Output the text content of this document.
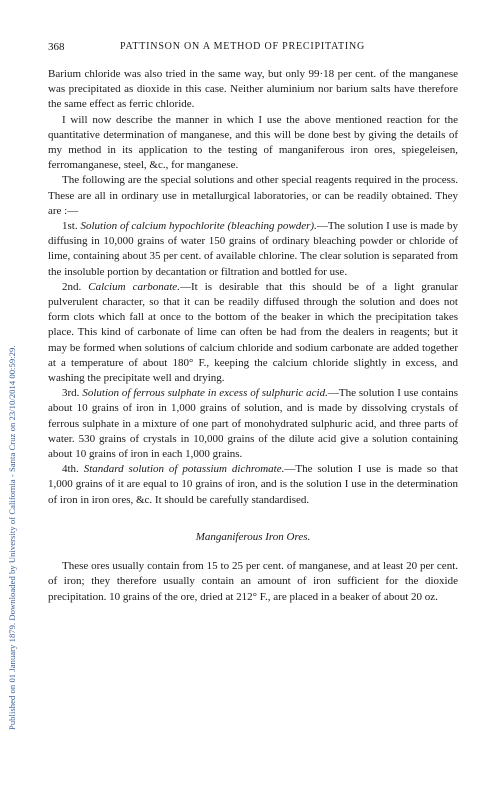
Published on 01 January 1879. Downloaded by University of California - Santa Cruz on 23/10/2014 00:59:29.
368	PATTINSON ON A METHOD OF PRECIPITATING

Barium chloride was also tried in the same way, but only 99·18 per cent. of the manganese was precipitated as dioxide in this case. Neither aluminium nor barium salts have therefore the same effect as ferric chloride.

I will now describe the manner in which I use the above mentioned reaction for the quantitative determination of manganese, and this will be done best by giving the details of my method in its application to the testing of manganiferous iron ores, spiegeleisen, ferromanganese, steel, &c., for manganese.

The following are the special solutions and other special reagents required in the process. These are all in ordinary use in metallurgical laboratories, or can be readily obtained. They are :—

1st. Solution of calcium hypochlorite (bleaching powder).—The solution I use is made by diffusing in 10,000 grains of water 150 grains of ordinary bleaching powder or chloride of lime, containing about 35 per cent. of available chlorine. The clear solution is separated from the insoluble portion by decantation or filtration and bottled for use.

2nd. Calcium carbonate.—It is desirable that this should be of a light granular pulverulent character, so that it can be readily diffused through the solution and does not form clots which fall at once to the bottom of the beaker in which the precipitation takes place. This kind of carbonate of lime can often be had from the dealers in reagents; but it may be formed when solutions of calcium chloride and sodium carbonate are added together at a temperature of about 180° F., keeping the calcium chloride slightly in excess, and washing the precipitate well and drying.

3rd. Solution of ferrous sulphate in excess of sulphuric acid.—The solution I use contains about 10 grains of iron in 1,000 grains of solution, and is made by dissolving crystals of ferrous sulphate in a mixture of one part of monohydrated sulphuric acid, and three parts of water. 530 grains of crystals in 10,000 grains of the dilute acid give a solution containing about 10 grains of iron in each 1,000 grains.

4th. Standard solution of potassium dichromate.—The solution I use is made so that 1,000 grains of it are equal to 10 grains of iron, and is the solution I use in the determination of iron in iron ores, &c. It should be carefully standardised.

Manganiferous Iron Ores.

These ores usually contain from 15 to 25 per cent. of manganese, and at least 20 per cent. of iron; they therefore usually contain an amount of iron sufficient for the dioxide precipitation. 10 grains of the ore, dried at 212° F., are placed in a beaker of about 20 oz.
